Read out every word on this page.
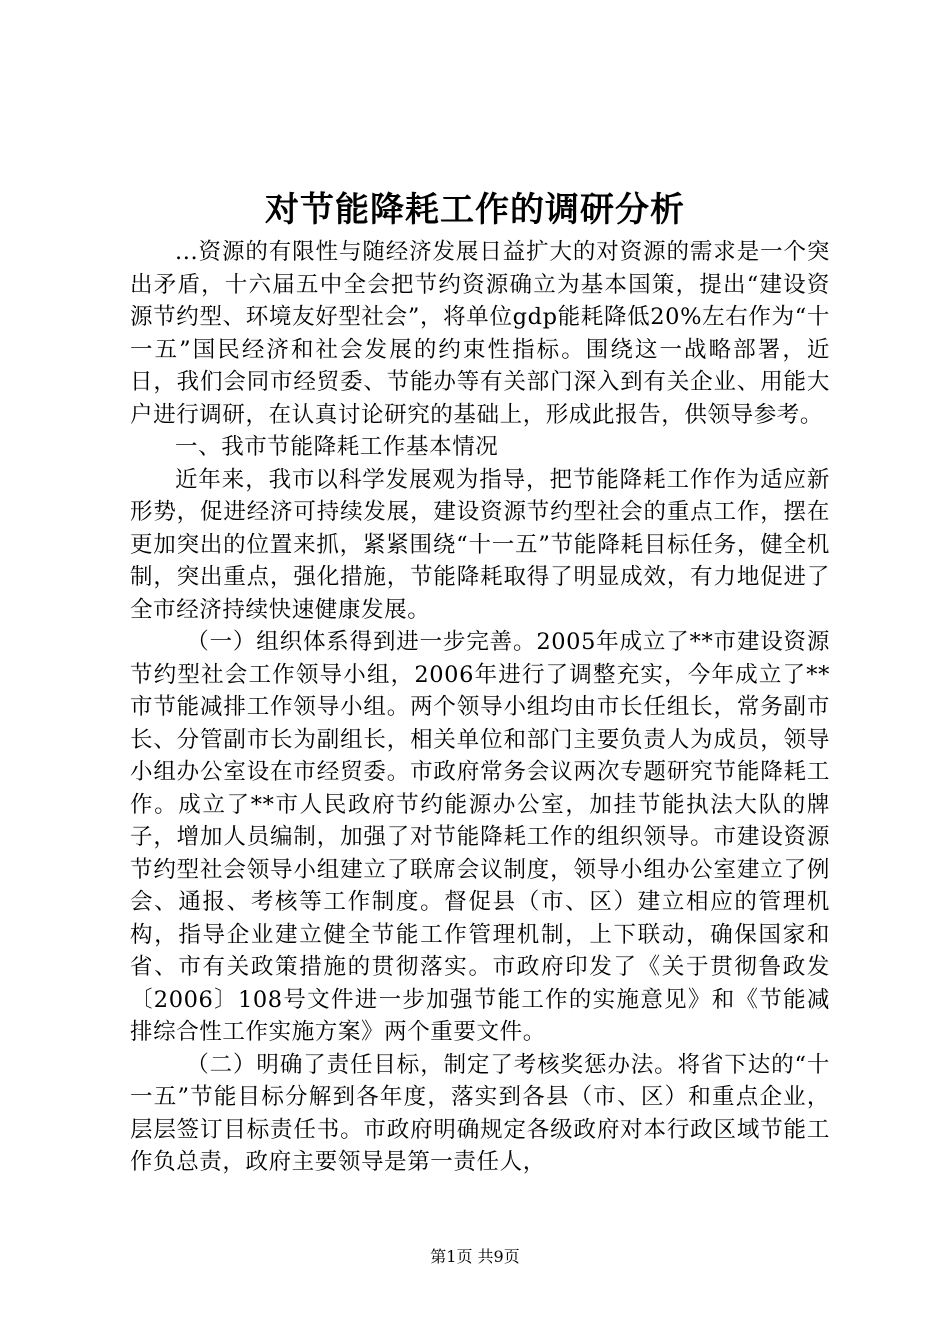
对节能降耗工作的调研分析

...资源的有限性与随经济发展日益扩大的对资源的需求是一个突出矛盾，十六届五中全会把节约资源确立为基本国策，提出“建设资源节约型、环境友好型社会”，将单位gdp能耗降低20%左右作为“十一五”国民经济和社会发展的约束性指标。围绕这一战略部署，近日，我们会同市经贸委、节能办等有关部门深入到有关企业、用能大户进行调研，在认真讨论研究的基础上，形成此报告，供领导参考。

一、我市节能降耗工作基本情况

近年来，我市以科学发展观为指导，把节能降耗工作作为适应新形势，促进经济可持续发展，建设资源节约型社会的重点工作，摆在更加突出的位置来抓，紧紧围绕“十一五”节能降耗目标任务，健全机制，突出重点，强化措施，节能降耗取得了明显成效，有力地促进了全市经济持续快速健康发展。

（一）组织体系得到进一步完善。2005年成立了**市建设资源节约型社会工作领导小组，2006年进行了调整充实，今年成立了**市节能减排工作领导小组。两个领导小组均由市长任组长，常务副市长、分管副市长为副组长，相关单位和部门主要负责人为成员，领导小组办公室设在市经贸委。市政府常务会议两次专题研究节能降耗工作。成立了**市人民政府节约能源办公室，加挂节能执法大队的牌子，增加人员编制，加强了对节能降耗工作的组织领导。市建设资源节约型社会领导小组建立了联席会议制度，领导小组办公室建立了例会、通报、考核等工作制度。督促县（市、区）建立相应的管理机构，指导企业建立健全节能工作管理机制，上下联动，确保国家和省、市有关政策措施的贯彻落实。市政府印发了《关于贯彻鲁政发〔2006〕108号文件进一步加强节能工作的实施意见》和《节能减排综合性工作实施方案》两个重要文件。

（二）明确了责任目标，制定了考核奖惩办法。将省下达的“十一五”节能目标分解到各年度，落实到各县（市、区）和重点企业，层层签订目标责任书。市政府明确规定各级政府对本行政区域节能工作负总责，政府主要领导是第一责任人，

第1页 共9页
